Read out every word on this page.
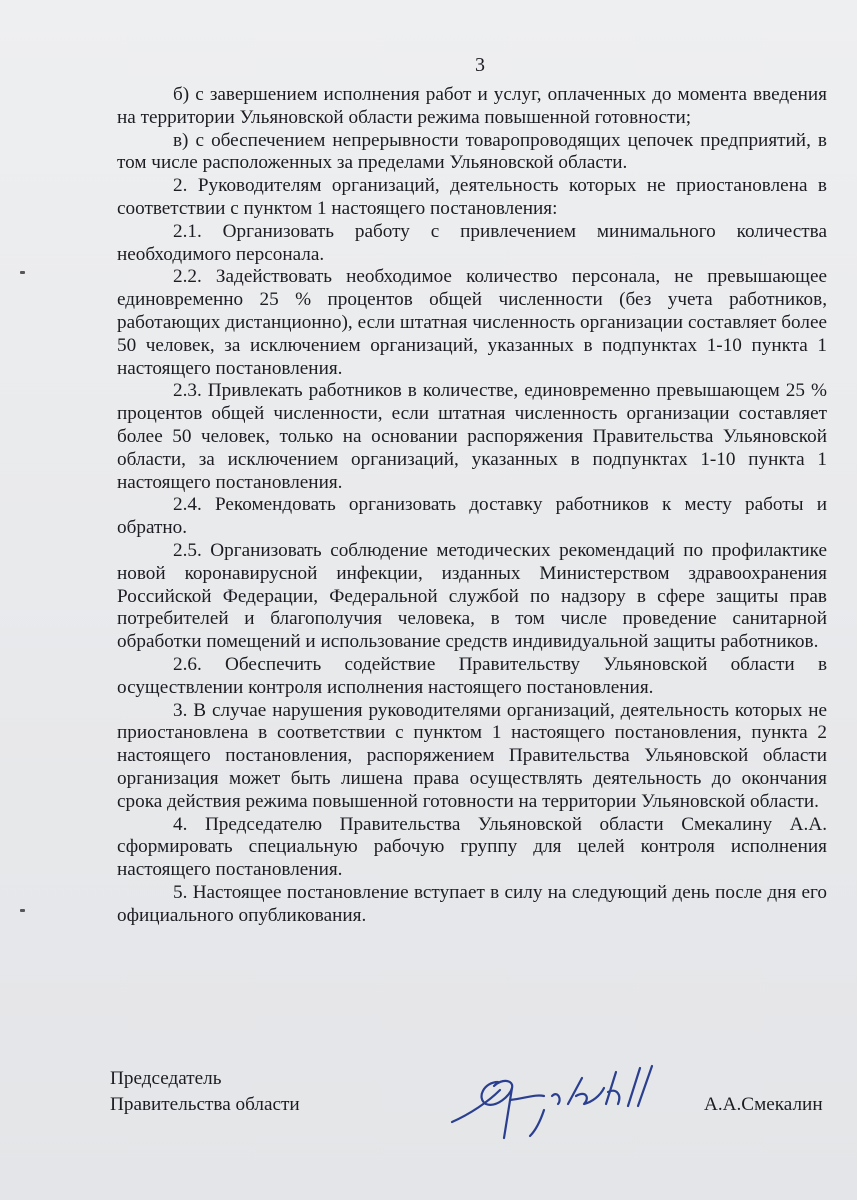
3

б) с завершением исполнения работ и услуг, оплаченных до момента введения на территории Ульяновской области режима повышенной готовности;

в) с обеспечением непрерывности товаропроводящих цепочек предприятий, в том числе расположенных за пределами Ульяновской области.

2. Руководителям организаций, деятельность которых не приостановлена в соответствии с пунктом 1 настоящего постановления:

2.1. Организовать работу с привлечением минимального количества необходимого персонала.

2.2. Задействовать необходимое количество персонала, не превышающее единовременно 25 % процентов общей численности (без учета работников, работающих дистанционно), если штатная численность организации составляет более 50 человек, за исключением организаций, указанных в подпунктах 1-10 пункта 1 настоящего постановления.

2.3. Привлекать работников в количестве, единовременно превышающем 25 % процентов общей численности, если штатная численность организации составляет более 50 человек, только на основании распоряжения Правительства Ульяновской области, за исключением организаций, указанных в подпунктах 1-10 пункта 1 настоящего постановления.

2.4. Рекомендовать организовать доставку работников к месту работы и обратно.

2.5. Организовать соблюдение методических рекомендаций по профилактике новой коронавирусной инфекции, изданных Министерством здравоохранения Российской Федерации, Федеральной службой по надзору в сфере защиты прав потребителей и благополучия человека, в том числе проведение санитарной обработки помещений и использование средств индивидуальной защиты работников.

2.6. Обеспечить содействие Правительству Ульяновской области в осуществлении контроля исполнения настоящего постановления.

3. В случае нарушения руководителями организаций, деятельность которых не приостановлена в соответствии с пунктом 1 настоящего постановления, пункта 2 настоящего постановления, распоряжением Правительства Ульяновской области организация может быть лишена права осуществлять деятельность до окончания срока действия режима повышенной готовности на территории Ульяновской области.

4. Председателю Правительства Ульяновской области Смекалину А.А. сформировать специальную рабочую группу для целей контроля исполнения настоящего постановления.

5. Настоящее постановление вступает в силу на следующий день после дня его официального опубликования.

Председатель
Правительства области	А.А.Смекалин
